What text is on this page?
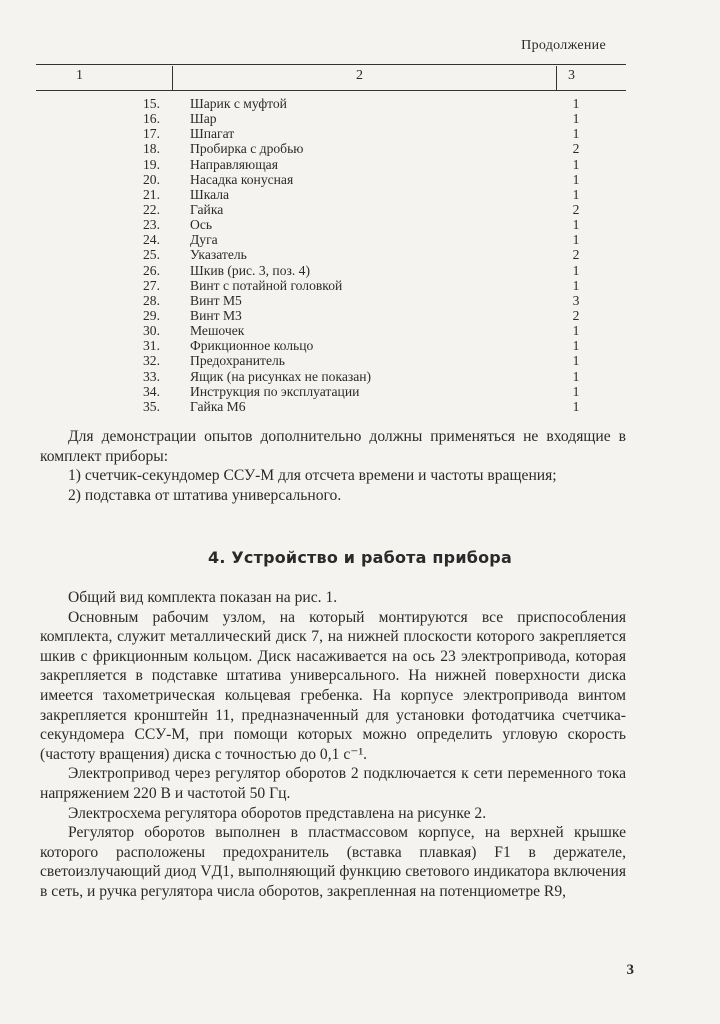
Продолжение
1	2	3
15. Шарик с муфтой	1
16. Шар	1
17. Шпагат	1
18. Пробирка с дробью	2
19. Направляющая	1
20. Насадка конусная	1
21. Шкала	1
22. Гайка	2
23. Ось	1
24. Дуга	1
25. Указатель	2
26. Шкив (рис. 3, поз. 4)	1
27. Винт с потайной головкой	1
28. Винт М5	3
29. Винт М3	2
30. Мешочек	1
31. Фрикционное кольцо	1
32. Предохранитель	1
33. Ящик (на рисунках не показан)	1
34. Инструкция по эксплуатации	1
35. Гайка М6	1

Для демонстрации опытов дополнительно должны применяться не входящие в комплект приборы:

1) счетчик-секундомер ССУ-М для отсчета времени и частоты вращения;

2) подставка от штатива универсального.

4. Устройство и работа прибора

Общий вид комплекта показан на рис. 1.

Основным рабочим узлом, на который монтируются все приспособления комплекта, служит металлический диск 7, на нижней плоскости которого закрепляется шкив с фрикционным кольцом. Диск насаживается на ось 23 электропривода, которая закрепляется в подставке штатива универсального. На нижней поверхности диска имеется тахометрическая кольцевая гребенка. На корпусе электропривода винтом закрепляется кронштейн 11, предназначенный для установки фотодатчика счетчика-секундомера ССУ-М, при помощи которых можно определить угловую скорость (частоту вращения) диска с точностью до 0,1 с⁻¹.

Электропривод через регулятор оборотов 2 подключается к сети переменного тока напряжением 220 В и частотой 50 Гц.

Электросхема регулятора оборотов представлена на рисунке 2.

Регулятор оборотов выполнен в пластмассовом корпусе, на верхней крышке которого расположены предохранитель (вставка плавкая) F1 в держателе, светоизлучающий диод VД1, выполняющий функцию светового индикатора включения в сеть, и ручка регулятора числа оборотов, закрепленная на потенциометре R9,

3
